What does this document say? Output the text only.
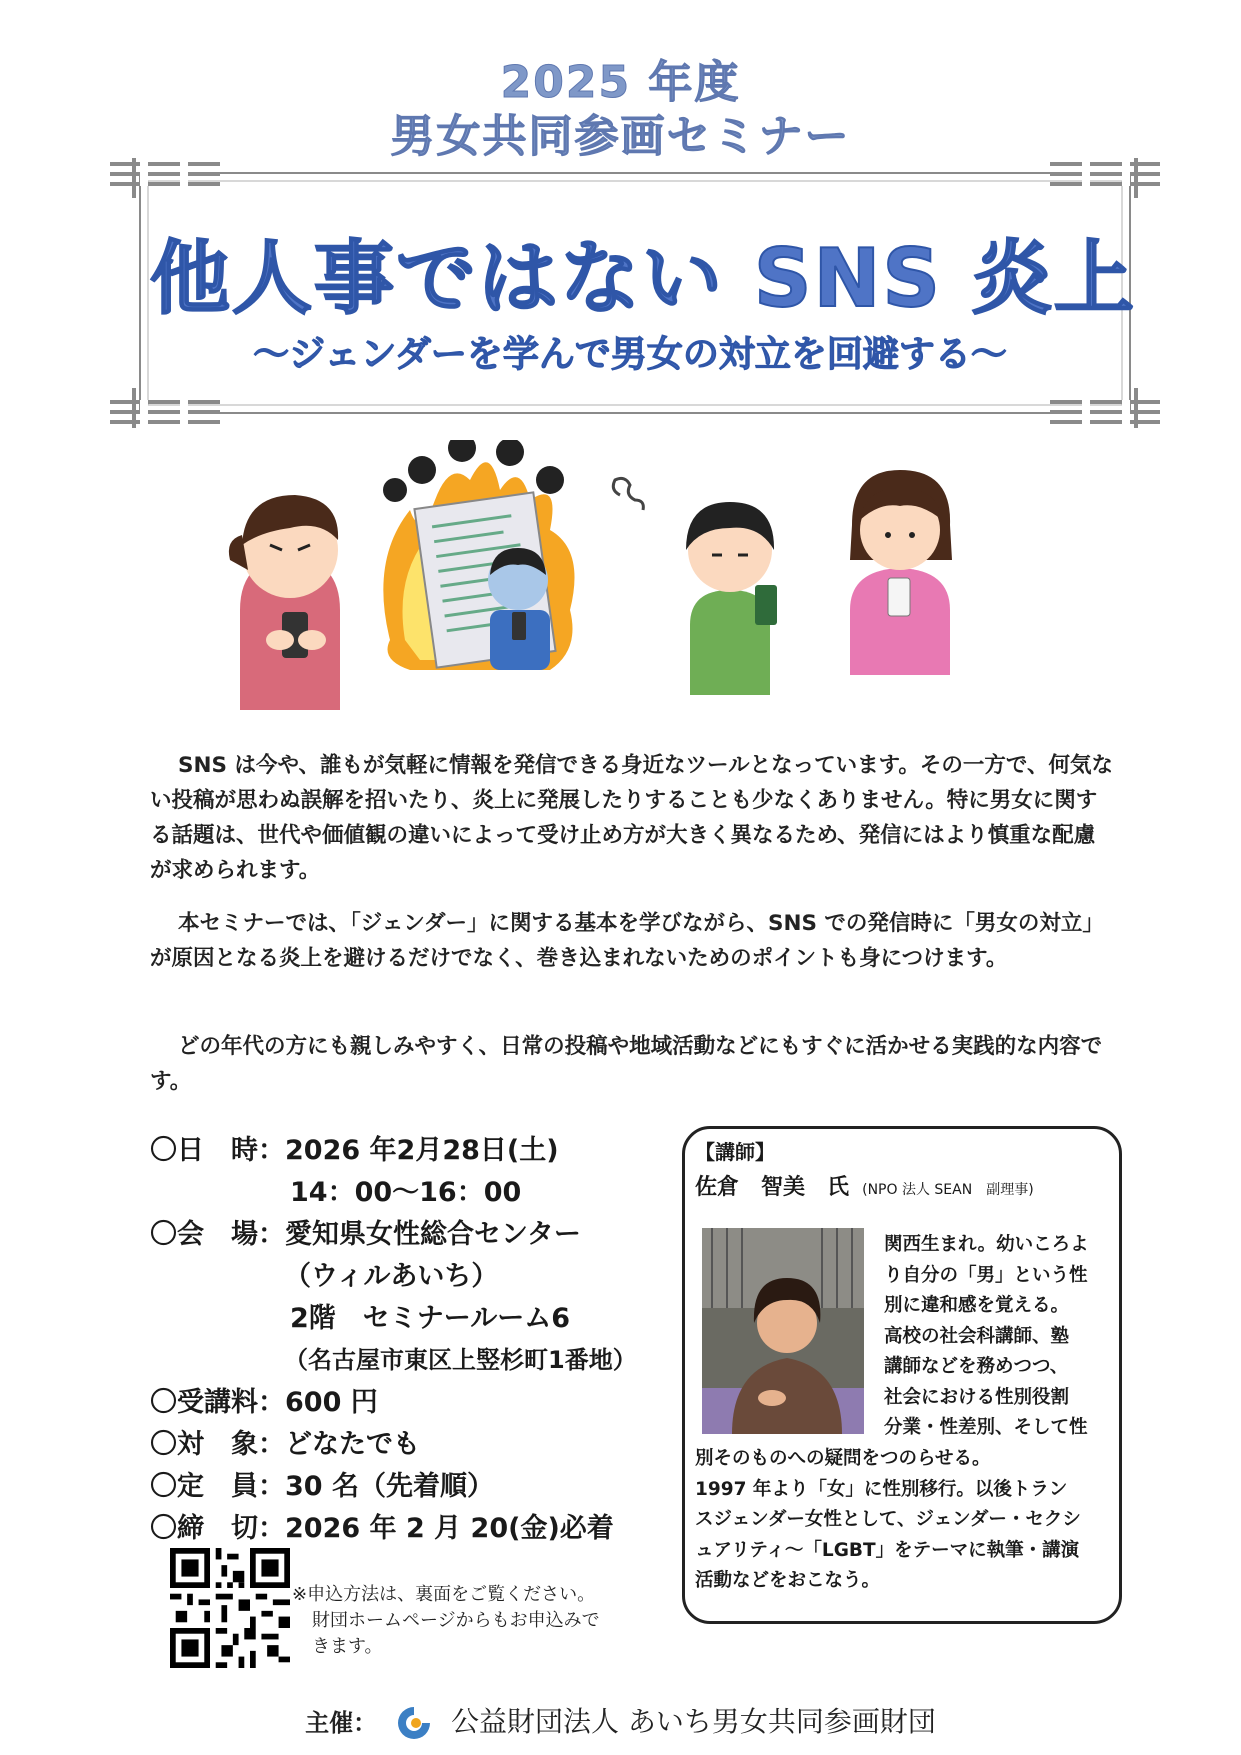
2025 年度
男女共同参画セミナー
他人事ではない SNS 炎上
～ジェンダーを学んで男女の対立を回避する～
SNS は今や、誰もが気軽に情報を発信できる身近なツールとなっています。その一方で、何気ない投稿が思わぬ誤解を招いたり、炎上に発展したりすることも少なくありません。特に男女に関する話題は、世代や価値観の違いによって受け止め方が大きく異なるため、発信にはより慎重な配慮が求められます。
本セミナーでは、「ジェンダー」に関する基本を学びながら、SNS での発信時に「男女の対立」が原因となる炎上を避けるだけでなく、巻き込まれないためのポイントも身につけます。
どの年代の方にも親しみやすく、日常の投稿や地域活動などにもすぐに活かせる実践的な内容です。
〇日　時：2026 年2月28日(土)
14：00～16：00
〇会　場：愛知県女性総合センター
（ウィルあいち）
2階　セミナールーム6
（名古屋市東区上竪杉町1番地）
〇受講料：600 円
〇対　象：どなたでも
〇定　員：30 名（先着順）
〇締　切：2026 年 2 月 20(金)必着
※申込方法は、裏面をご覧ください。
財団ホームページからもお申込みで
きます。
【講師】
佐倉　智美　氏 (NPO 法人 SEAN　副理事)
関西生まれ。幼いころよ
り自分の「男」という性
別に違和感を覚える。
高校の社会科講師、塾
講師などを務めつつ、
社会における性別役割
分業・性差別、そして性
別そのものへの疑問をつのらせる。
1997 年より「女」に性別移行。以後トラン
スジェンダー女性として、ジェンダー・セクシ
ュアリティ～「LGBT」をテーマに執筆・講演
活動などをおこなう。
主催：	公益財団法人 あいち男女共同参画財団
